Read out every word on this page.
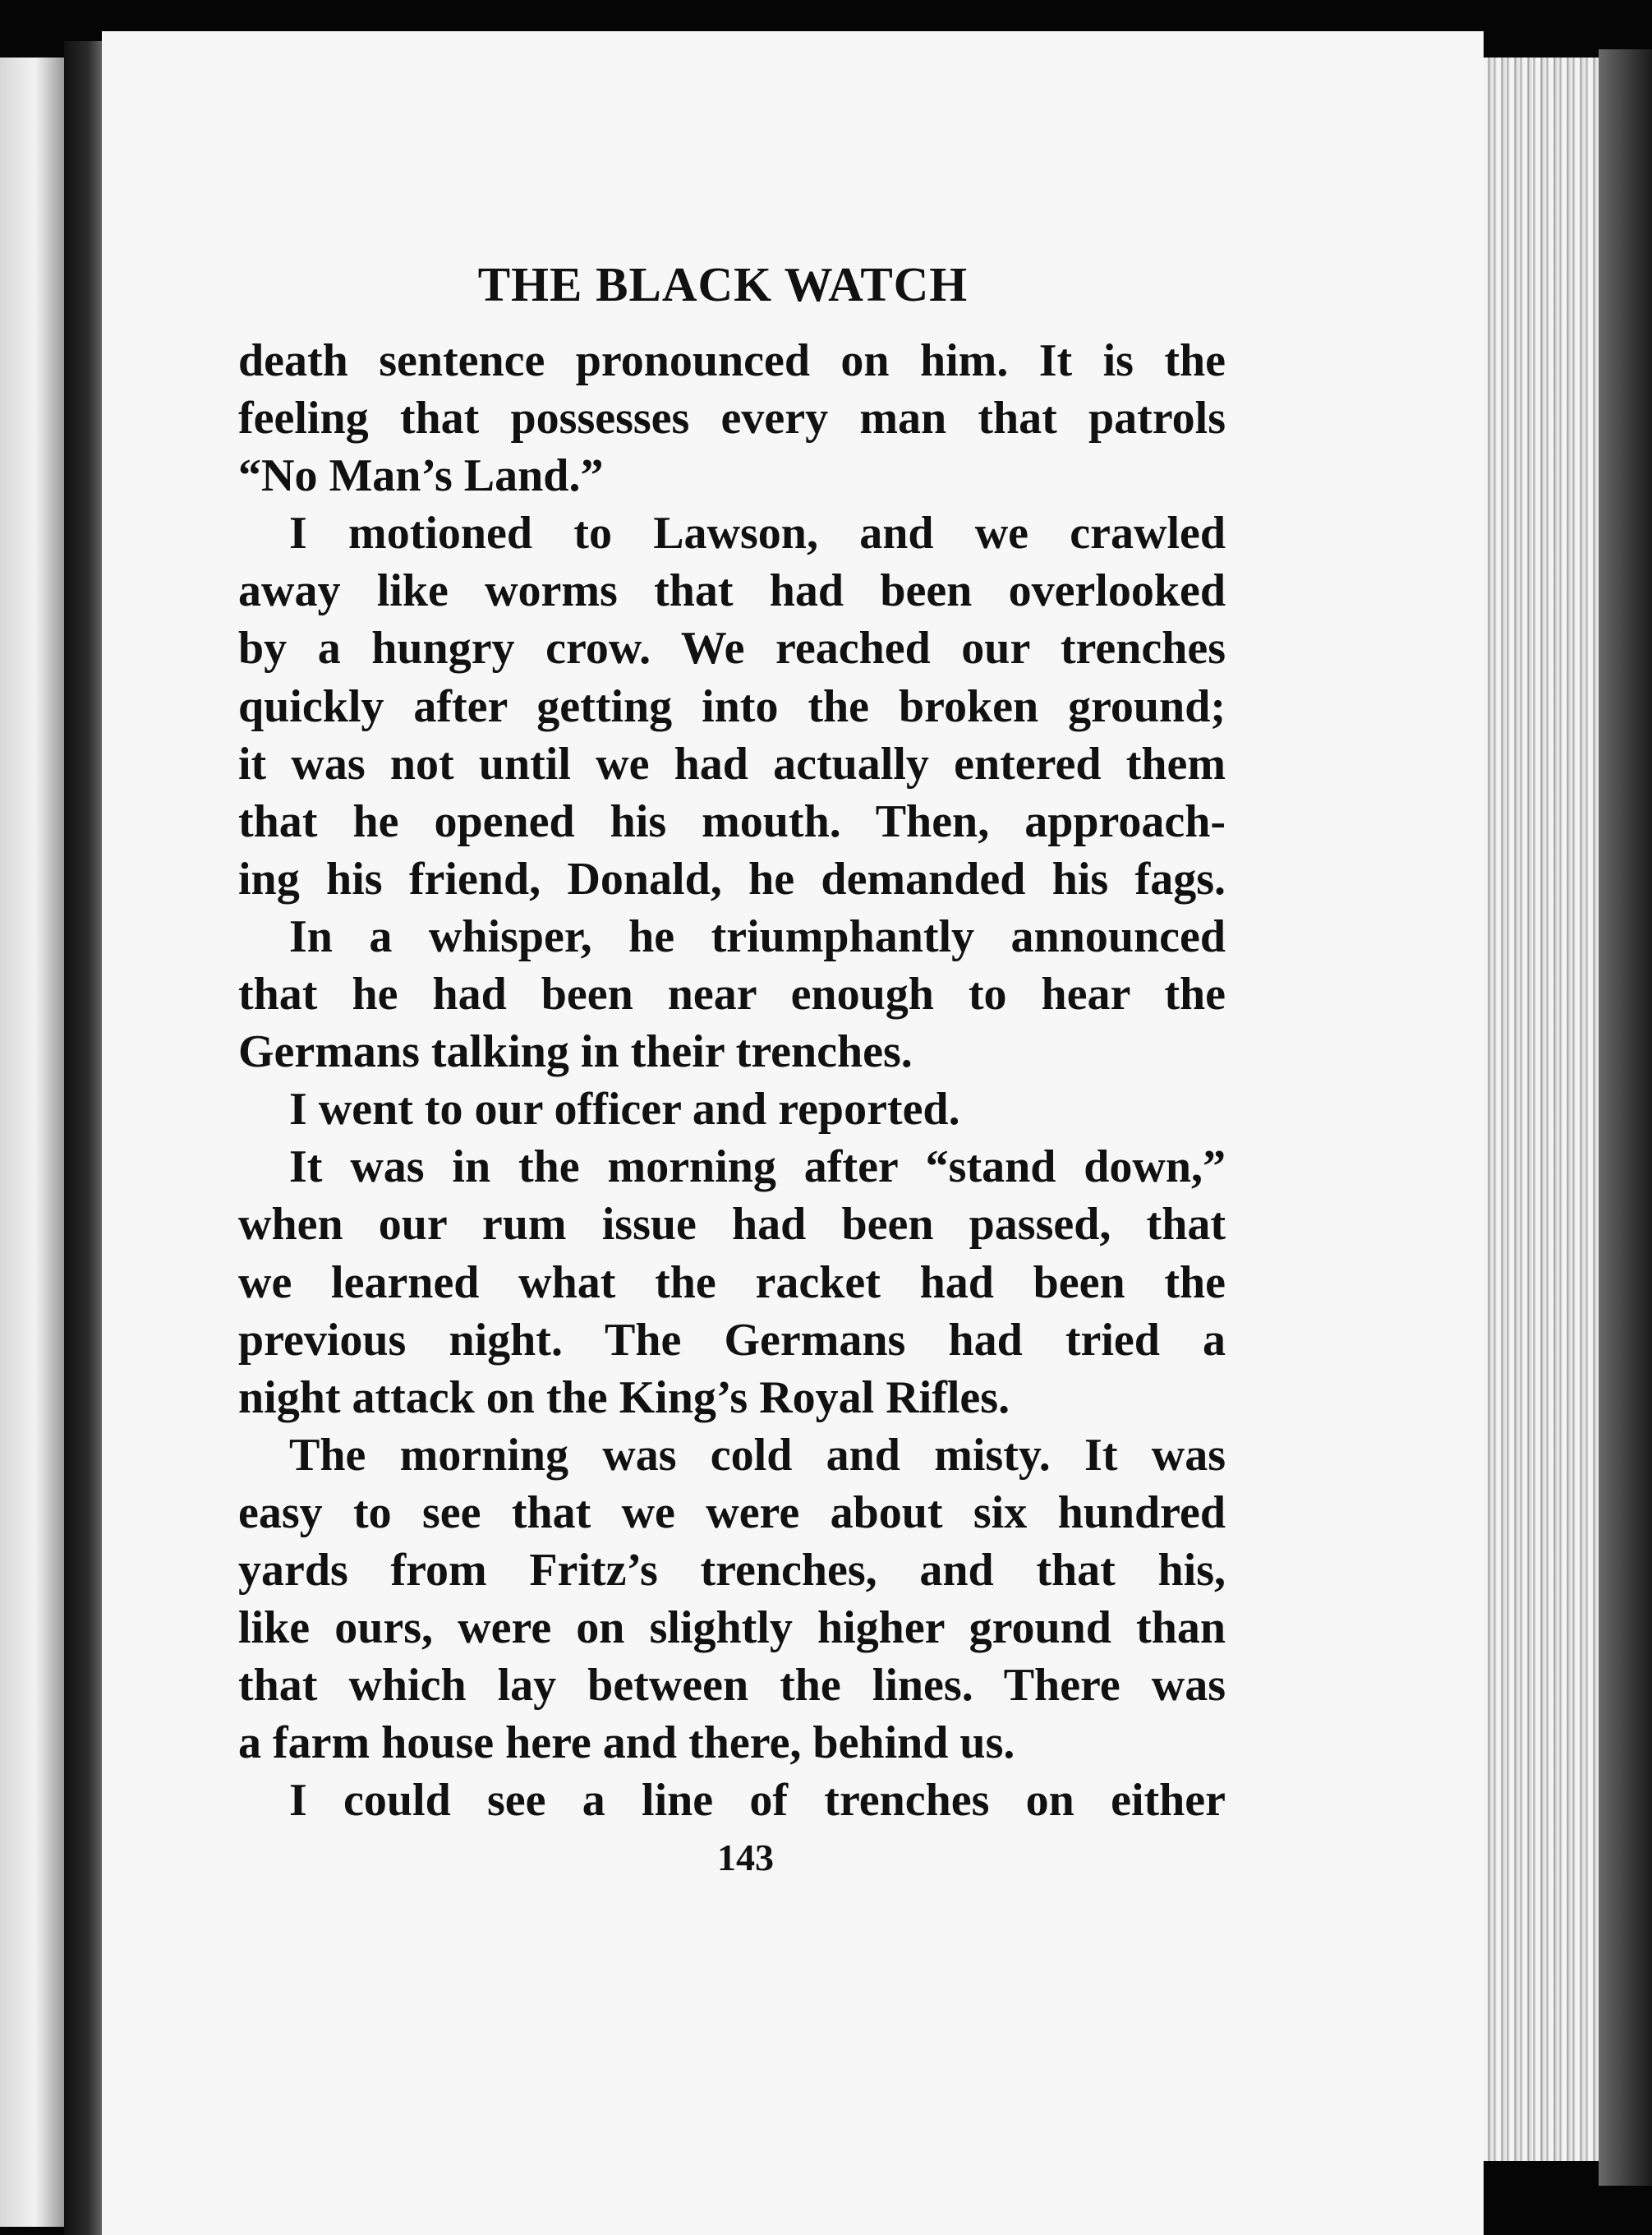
THE BLACK WATCH
death sentence pronounced on him. It is the
feeling that possesses every man that patrols
“No Man’s Land.”
I motioned to Lawson, and we crawled
away like worms that had been overlooked
by a hungry crow. We reached our trenches
quickly after getting into the broken ground;
it was not until we had actually entered them
that he opened his mouth. Then, approach-
ing his friend, Donald, he demanded his fags.
In a whisper, he triumphantly announced
that he had been near enough to hear the
Germans talking in their trenches.
I went to our officer and reported.
It was in the morning after “stand down,”
when our rum issue had been passed, that
we learned what the racket had been the
previous night. The Germans had tried a
night attack on the King’s Royal Rifles.
The morning was cold and misty. It was
easy to see that we were about six hundred
yards from Fritz’s trenches, and that his,
like ours, were on slightly higher ground than
that which lay between the lines. There was
a farm house here and there, behind us.
I could see a line of trenches on either
143
